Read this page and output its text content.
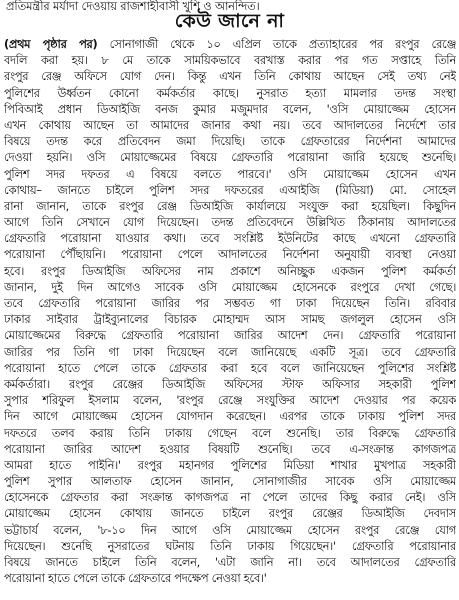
প্রতিমন্ত্রীর মর্যাদা দেওয়ায় রাজশাহীবাসী খুশি ও আনন্দিত।
কেউ জানে না
(প্রথম পৃষ্ঠার পর) সোনাগাজী থেকে ১০ এপ্রিল তাকে প্রত্যাহারের পর রংপুর রেঞ্জে
বদলি করা হয়। ৮ মে তাকে সাময়িকভাবে বরখাস্ত করার পর গত সপ্তাহে তিনি
রংপুর রেঞ্জ অফিসে যোগ দেন। কিন্তু এখন তিনি কোথায় আছেন সেই তথ্য নেই
পুলিশের উর্ধ্বতন কোনো কর্মকর্তার কাছে। নুসরাত হত্যা মামলার তদন্ত সংস্থা
পিবিআই প্রধান ডিআইজি বনজ কুমার মজুমদার বলেন, 'ওসি মোয়াজ্জেম হোসেন
এখন কোথায় আছেন তা আমাদের জানার কথা নয়। তবে আদালতের নির্দেশে তার
বিষয়ে তদন্ত করে প্রতিবেদন জমা দিয়েছি। তাকে গ্রেফতারের নির্দেশনা আমাদের
দেওয়া হয়নি। ওসি মোয়াজ্জেমের বিষয়ে গ্রেফতারি পরোয়ানা জারি হয়েছে শুনেছি।
পুলিশ সদর দফতর এ বিষয়ে বলতে পারবে।' ওসি মোয়াজ্জেম হোসেন এখন
কোথায়– জানতে চাইলে পুলিশ সদর দফতরের এআইজি (মিডিয়া) মো. সোহেল
রানা জানান, তাকে রংপুর রেঞ্জ ডিআইজি কার্যালয়ে সংযুক্ত করা হয়েছিল। কিছুদিন
আগে তিনি সেখানে যোগ দিয়েছেন। তদন্ত প্রতিবেদনে উল্লিখিত ঠিকানায় আদালতের
গ্রেফতারি পরোয়ানা যাওয়ার কথা। তবে সংশ্লিষ্ট ইউনিটের কাছে এখনো গ্রেফতারি
পরোয়ানা পৌঁছায়নি। পরোয়ানা পেলে আদালতের নির্দেশনা অনুযায়ী ব্যবস্থা নেওয়া
হবে। রংপুর ডিআইজি অফিসের নাম প্রকাশে অনিচ্ছুক একজন পুলিশ কর্মকর্তা
জানান, দুই দিন আগেও সাবেক ওসি মোয়াজ্জেম হোসেনকে রংপুরে দেখা গেছে।
তবে গ্রেফতারি পরোয়ানা জারির পর সম্ভবত গা ঢাকা দিয়েছেন তিনি। রবিবার
ঢাকার সাইবার ট্রাইব্যুনালের বিচারক মোহাম্মদ আস সামছ জগলুল হোসেন ওসি
মোয়াজ্জেমের বিরুদ্ধে গ্রেফতারি পরোয়ানা জারির আদেশ দেন। গ্রেফতারি পরোয়ানা
জারির পর তিনি গা ঢাকা দিয়েছেন বলে জানিয়েছে একটি সূত্র। তবে গ্রেফতারি
পরোয়ানা হাতে পেলে তাকে গ্রেফতার করা হবে বলে জানিয়েছেন পুলিশের সংশ্লিষ্ট
কর্মকর্তারা। রংপুর রেঞ্জের ডিআইজি অফিসের স্টাফ অফিসার সহকারী পুলিশ
সুপার শরিফুল ইসলাম বলেন, 'রংপুর রেঞ্জে সংযুক্তির আদেশ দেওয়ার পর কয়েক
দিন আগে মোয়াজ্জেম হোসেন যোগদান করেছেন। এরপর তাকে ঢাকায় পুলিশ সদর
দফতরে তলব করায় তিনি ঢাকায় গেছেন বলে শুনেছি। তার বিরুদ্ধে গ্রেফতারি
পরোয়ানা জারির আদেশ হওয়ার বিষয়টি শুনেছি। তবে এ-সংক্রান্ত কাগজপত্র
আমরা হাতে পাইনি।' রংপুর মহানগর পুলিশের মিডিয়া শাখার মুখপাত্র সহকারী
পুলিশ সুপার আলতাফ হোসেন জানান, সোনাগাজীর সাবেক ওসি মোয়াজ্জেম
হোসেনকে গ্রেফতার করা সংক্রান্ত কাগজপত্র না পেলে তাদের কিছু করার নেই। ওসি
মোয়াজ্জেম হোসেন কোথায় জানতে চাইলে রংপুর রেঞ্জের ডিআইজি দেবদাস
ভট্টাচার্য বলেন, '৮-১০ দিন আগে ওসি মোয়াজ্জেম হোসেন রংপুর রেঞ্জে যোগ
দিয়েছেন। শুনেছি নুসরাতের ঘটনায় তিনি ঢাকায় গিয়েছেন।' গ্রেফতারি পরোয়ানার
বিষয়ে জানতে চাইলে তিনি বলেন, 'এটা জানি না। তবে আদালতের গ্রেফতারি
পরোয়ানা হাতে পেলে তাকে গ্রেফতারে পদক্ষেপ নেওয়া হবে।'
